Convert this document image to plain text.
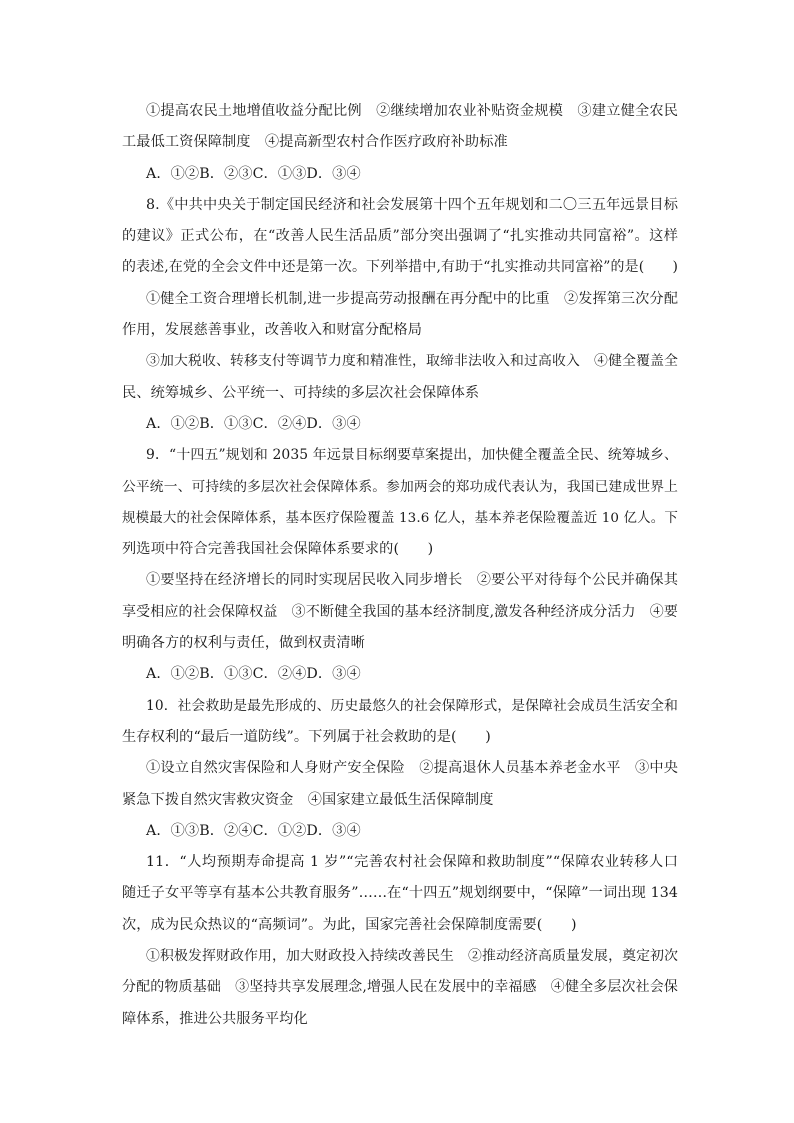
①提高农民土地增值收益分配比例　②继续增加农业补贴资金规模　③建立健全农民
工最低工资保障制度　④提高新型农村合作医疗政府补助标准
A．①②B．②③C．①③D．③④
8.《中共中央关于制定国民经济和社会发展第十四个五年规划和二〇三五年远景目标
的建议》正式公布，在“改善人民生活品质”部分突出强调了“扎实推动共同富裕”。这样
的表述,在党的全会文件中还是第一次。下列举措中,有助于“扎实推动共同富裕”的是(　　)
①健全工资合理增长机制,进一步提高劳动报酬在再分配中的比重　②发挥第三次分配
作用，发展慈善事业，改善收入和财富分配格局
③加大税收、转移支付等调节力度和精准性，取缔非法收入和过高收入　④健全覆盖全
民、统筹城乡、公平统一、可持续的多层次社会保障体系
A．①②B．①③C．②④D．③④
9．“十四五”规划和 2035 年远景目标纲要草案提出，加快健全覆盖全民、统筹城乡、
公平统一、可持续的多层次社会保障体系。参加两会的郑功成代表认为，我国已建成世界上
规模最大的社会保障体系，基本医疗保险覆盖 13.6 亿人，基本养老保险覆盖近 10 亿人。下
列选项中符合完善我国社会保障体系要求的(　　)
①要坚持在经济增长的同时实现居民收入同步增长　②要公平对待每个公民并确保其
享受相应的社会保障权益　③不断健全我国的基本经济制度,激发各种经济成分活力　④要
明确各方的权利与责任，做到权责清晰
A．①②B．①③C．②④D．③④
10．社会救助是最先形成的、历史最悠久的社会保障形式，是保障社会成员生活安全和
生存权利的“最后一道防线”。下列属于社会救助的是(　　)
①设立自然灾害保险和人身财产安全保险　②提高退休人员基本养老金水平　③中央
紧急下拨自然灾害救灾资金　④国家建立最低生活保障制度
A．①③B．②④C．①②D．③④
11．“人均预期寿命提高 1 岁”“完善农村社会保障和救助制度”“保障农业转移人口
随迁子女平等享有基本公共教育服务”……在“十四五”规划纲要中，“保障”一词出现 134
次，成为民众热议的“高频词”。为此，国家完善社会保障制度需要(　　)
①积极发挥财政作用，加大财政投入持续改善民生　②推动经济高质量发展，奠定初次
分配的物质基础　③坚持共享发展理念,增强人民在发展中的幸福感　④健全多层次社会保
障体系，推进公共服务平均化
